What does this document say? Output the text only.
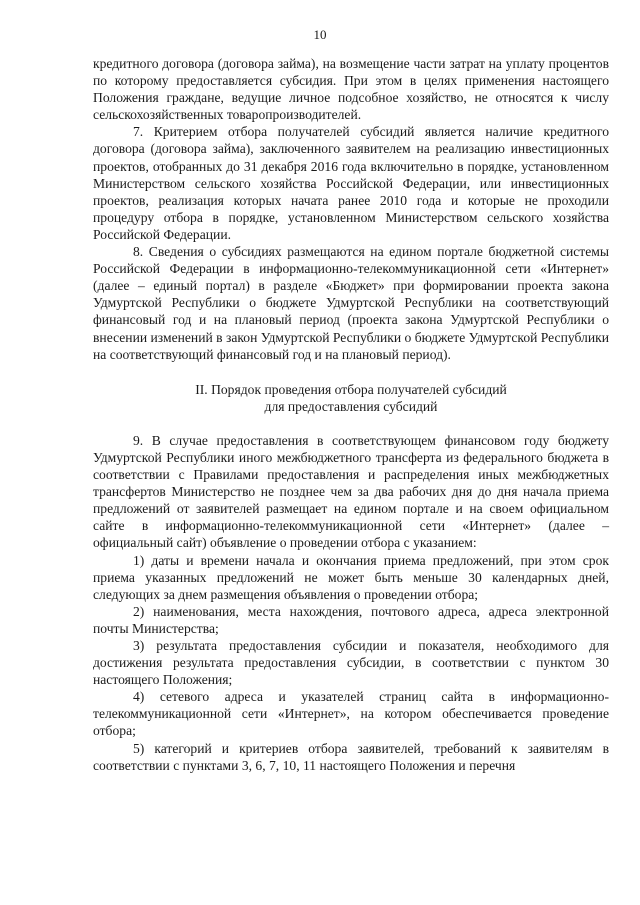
10

кредитного договора (договора займа), на возмещение части затрат на уплату процентов по которому предоставляется субсидия. При этом в целях применения настоящего Положения граждане, ведущие личное подсобное хозяйство, не относятся к числу сельскохозяйственных товаропроизводителей.

7. Критерием отбора получателей субсидий является наличие кредитного договора (договора займа), заключенного заявителем на реализацию инвестиционных проектов, отобранных до 31 декабря 2016 года включительно в порядке, установленном Министерством сельского хозяйства Российской Федерации, или инвестиционных проектов, реализация которых начата ранее 2010 года и которые не проходили процедуру отбора в порядке, установленном Министерством сельского хозяйства Российской Федерации.

8. Сведения о субсидиях размещаются на едином портале бюджетной системы Российской Федерации в информационно-телекоммуникационной сети «Интернет» (далее – единый портал) в разделе «Бюджет» при формировании проекта закона Удмуртской Республики о бюджете Удмуртской Республики на соответствующий финансовый год и на плановый период (проекта закона Удмуртской Республики о внесении изменений в закон Удмуртской Республики о бюджете Удмуртской Республики на соответствующий финансовый год и на плановый период).

II. Порядок проведения отбора получателей субсидий
для предоставления субсидий

9. В случае предоставления в соответствующем финансовом году бюджету Удмуртской Республики иного межбюджетного трансферта из федерального бюджета в соответствии с Правилами предоставления и распределения иных межбюджетных трансфертов Министерство не позднее чем за два рабочих дня до дня начала приема предложений от заявителей размещает на едином портале и на своем официальном сайте в информационно-телекоммуникационной сети «Интернет» (далее – официальный сайт) объявление о проведении отбора с указанием:

1) даты и времени начала и окончания приема предложений, при этом срок приема указанных предложений не может быть меньше 30 календарных дней, следующих за днем размещения объявления о проведении отбора;

2) наименования, места нахождения, почтового адреса, адреса электронной почты Министерства;

3) результата предоставления субсидии и показателя, необходимого для достижения результата предоставления субсидии, в соответствии с пунктом 30 настоящего Положения;

4) сетевого адреса и указателей страниц сайта в информационно-телекоммуникационной сети «Интернет», на котором обеспечивается проведение отбора;

5) категорий и критериев отбора заявителей, требований к заявителям в соответствии с пунктами 3, 6, 7, 10, 11 настоящего Положения и перечня
